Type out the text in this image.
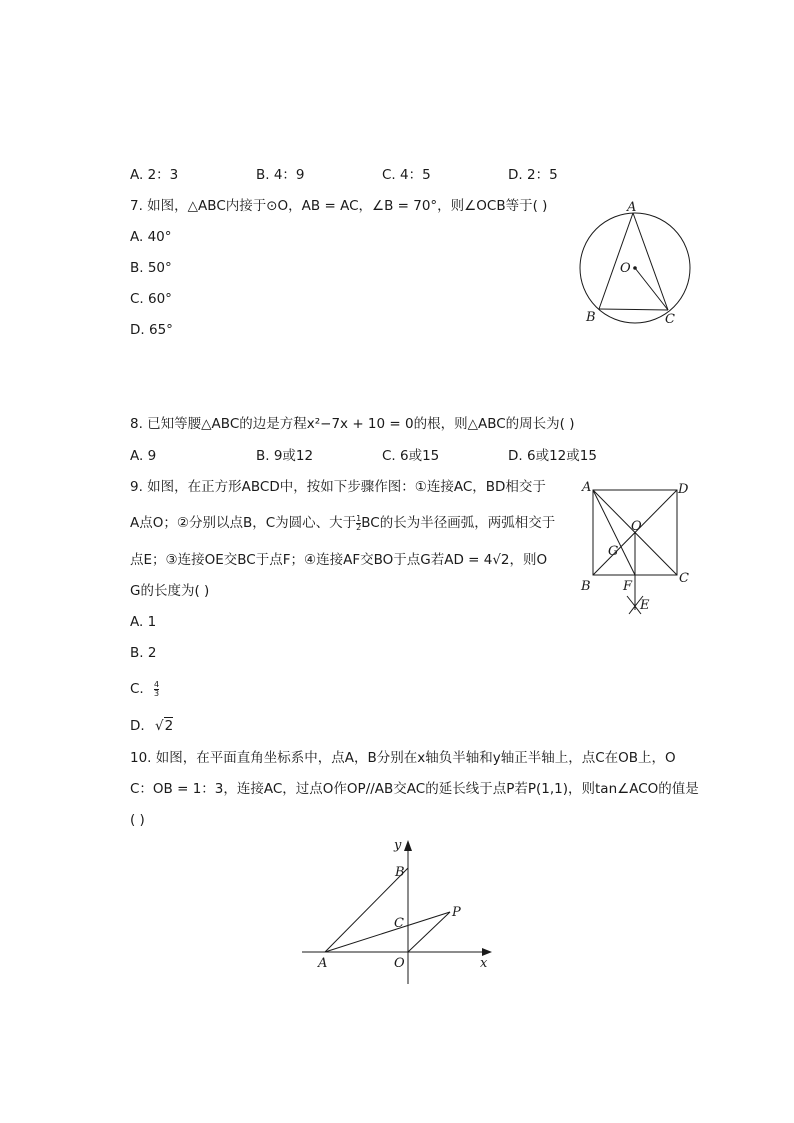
A. 2：3	B. 4：9	C. 4：5	D. 2：5
7. 如图，△ABC内接于⊙O，AB = AC，∠B = 70°，则∠OCB等于( )
A. 40°
B. 50°
C. 60°
D. 65°
A
O
B	C
8. 已知等腰△ABC的边是方程x²−7x + 10 = 0的根，则△ABC的周长为( )
A. 9	B. 9或12	C. 6或15	D. 6或12或15
9. 如图，在正方形ABCD中，按如下步骤作图：①连接AC，BD相交于
A点O；②分别以点B，C为圆心、大于 $\frac{1}{2}$ BC的长为半径画弧，两弧相交于
点E；③连接OE交BC于点F；④连接AF交BO于点G若AD = 4√2，则O
G的长度为( )
A. 1
B. 2
C. $\frac{4}{3}$
D. √2
A	D
O
G
B F
C
E
10. 如图，在平面直角坐标系中，点A，B分别在x轴负半轴和y轴正半轴上，点C在OB上，O
C：OB = 1：3，连接AC，过点O作OP//AB交AC的延长线于点P若P(1,1)，则tan∠ACO的值是
( )
y
B
C
P
A	O	x
